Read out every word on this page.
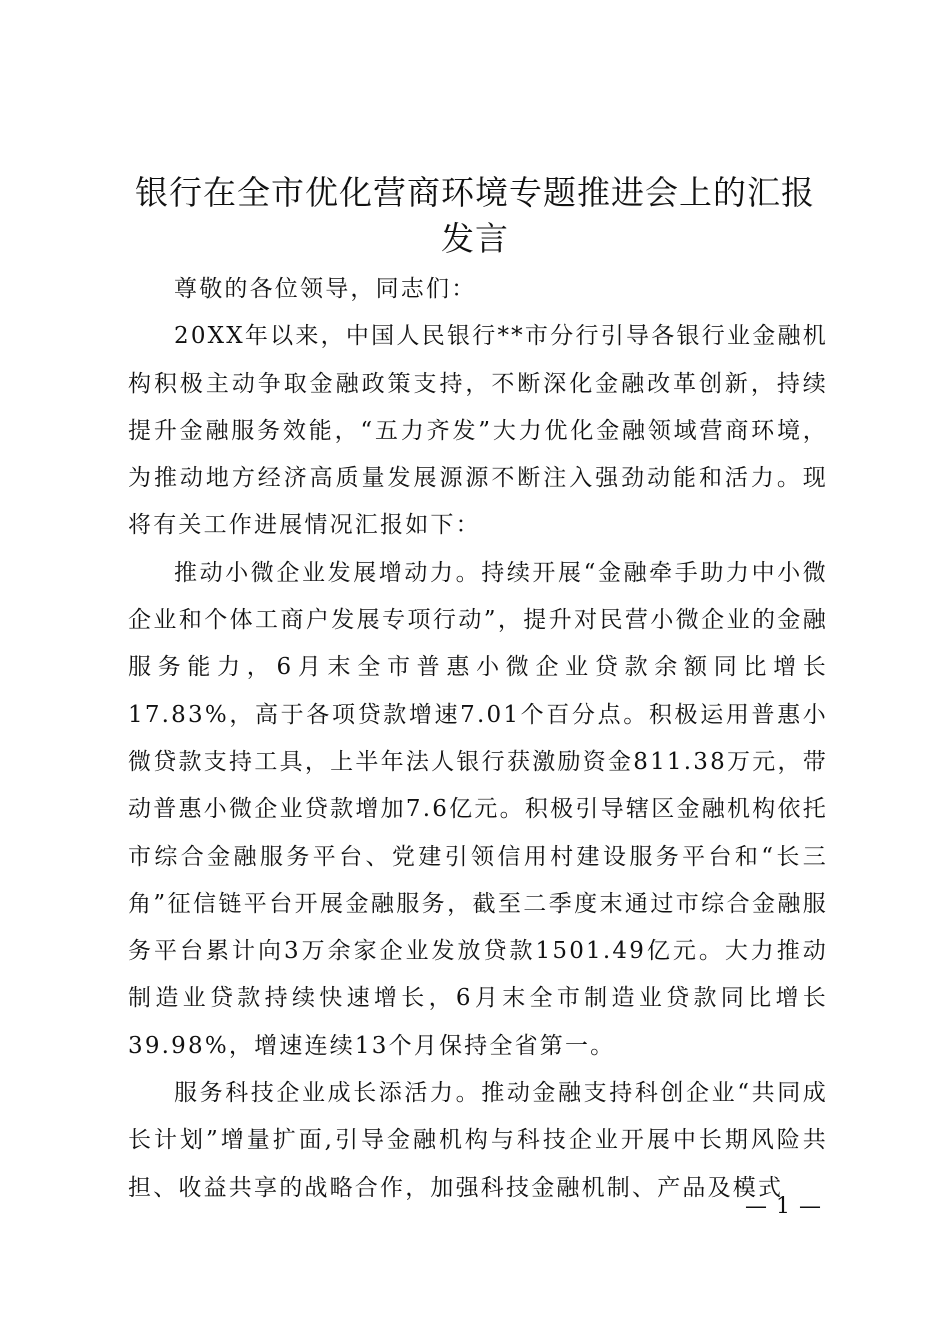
银行在全市优化营商环境专题推进会上的汇报发言

尊敬的各位领导，同志们：

20XX年以来，中国人民银行**市分行引导各银行业金融机构积极主动争取金融政策支持，不断深化金融改革创新，持续提升金融服务效能，“五力齐发”大力优化金融领域营商环境，为推动地方经济高质量发展源源不断注入强劲动能和活力。现将有关工作进展情况汇报如下：

推动小微企业发展增动力。持续开展“金融牵手助力中小微企业和个体工商户发展专项行动”，提升对民营小微企业的金融服务能力，6月末全市普惠小微企业贷款余额同比增长17.83%，高于各项贷款增速7.01个百分点。积极运用普惠小微贷款支持工具，上半年法人银行获激励资金811.38万元，带动普惠小微企业贷款增加7.6亿元。积极引导辖区金融机构依托市综合金融服务平台、党建引领信用村建设服务平台和“长三角”征信链平台开展金融服务，截至二季度末通过市综合金融服务平台累计向3万余家企业发放贷款1501.49亿元。大力推动制造业贷款持续快速增长，6月末全市制造业贷款同比增长39.98%，增速连续13个月保持全省第一。

服务科技企业成长添活力。推动金融支持科创企业“共同成长计划”增量扩面,引导金融机构与科技企业开展中长期风险共担、收益共享的战略合作，加强科技金融机制、产品及模式

— 1 —
